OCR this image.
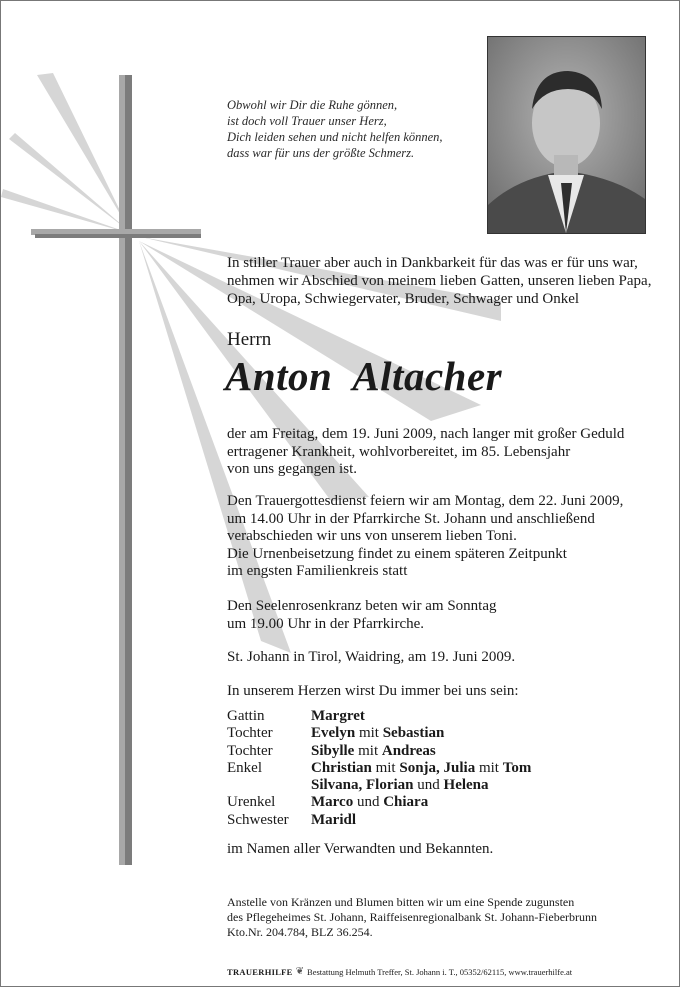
Obwohl wir Dir die Ruhe gönnen,
ist doch voll Trauer unser Herz,
Dich leiden sehen und nicht helfen können,
dass war für uns der größte Schmerz.
In stiller Trauer aber auch in Dankbarkeit für das was er für uns war,
nehmen wir Abschied von meinem lieben Gatten, unseren lieben Papa,
Opa, Uropa, Schwiegervater, Bruder, Schwager und Onkel
Herrn
Anton  Altacher
der am Freitag, dem 19. Juni 2009, nach langer mit großer Geduld
ertragener Krankheit, wohlvorbereitet, im 85. Lebensjahr
von uns gegangen ist.
Den Trauergottesdienst feiern wir am Montag, dem 22. Juni 2009,
um 14.00 Uhr in der Pfarrkirche St. Johann und anschließend
verabschieden wir uns von unserem lieben Toni.
Die Urnenbeisetzung findet zu einem späteren Zeitpunkt
im engsten Familienkreis statt
Den Seelenrosenkranz beten wir am Sonntag
um 19.00 Uhr in der Pfarrkirche.
St. Johann in Tirol, Waidring, am 19. Juni 2009.
In unserem Herzen wirst Du immer bei uns sein:
Gattin	Margret
Tochter	Evelyn mit Sebastian
Tochter	Sibylle mit Andreas
Enkel	Christian mit Sonja, Julia mit Tom
Silvana, Florian und Helena
Urenkel	Marco und Chiara
Schwester	Maridl
im Namen aller Verwandten und Bekannten.
Anstelle von Kränzen und Blumen bitten wir um eine Spende zugunsten
des Pflegeheimes St. Johann, Raiffeisenregionalbank St. Johann-Fieberbrunn
Kto.Nr. 204.784, BLZ 36.254.
TRAUERHILFE ❦ Bestattung Helmuth Treffer, St. Johann i. T., 05352/62115, www.trauerhilfe.at
